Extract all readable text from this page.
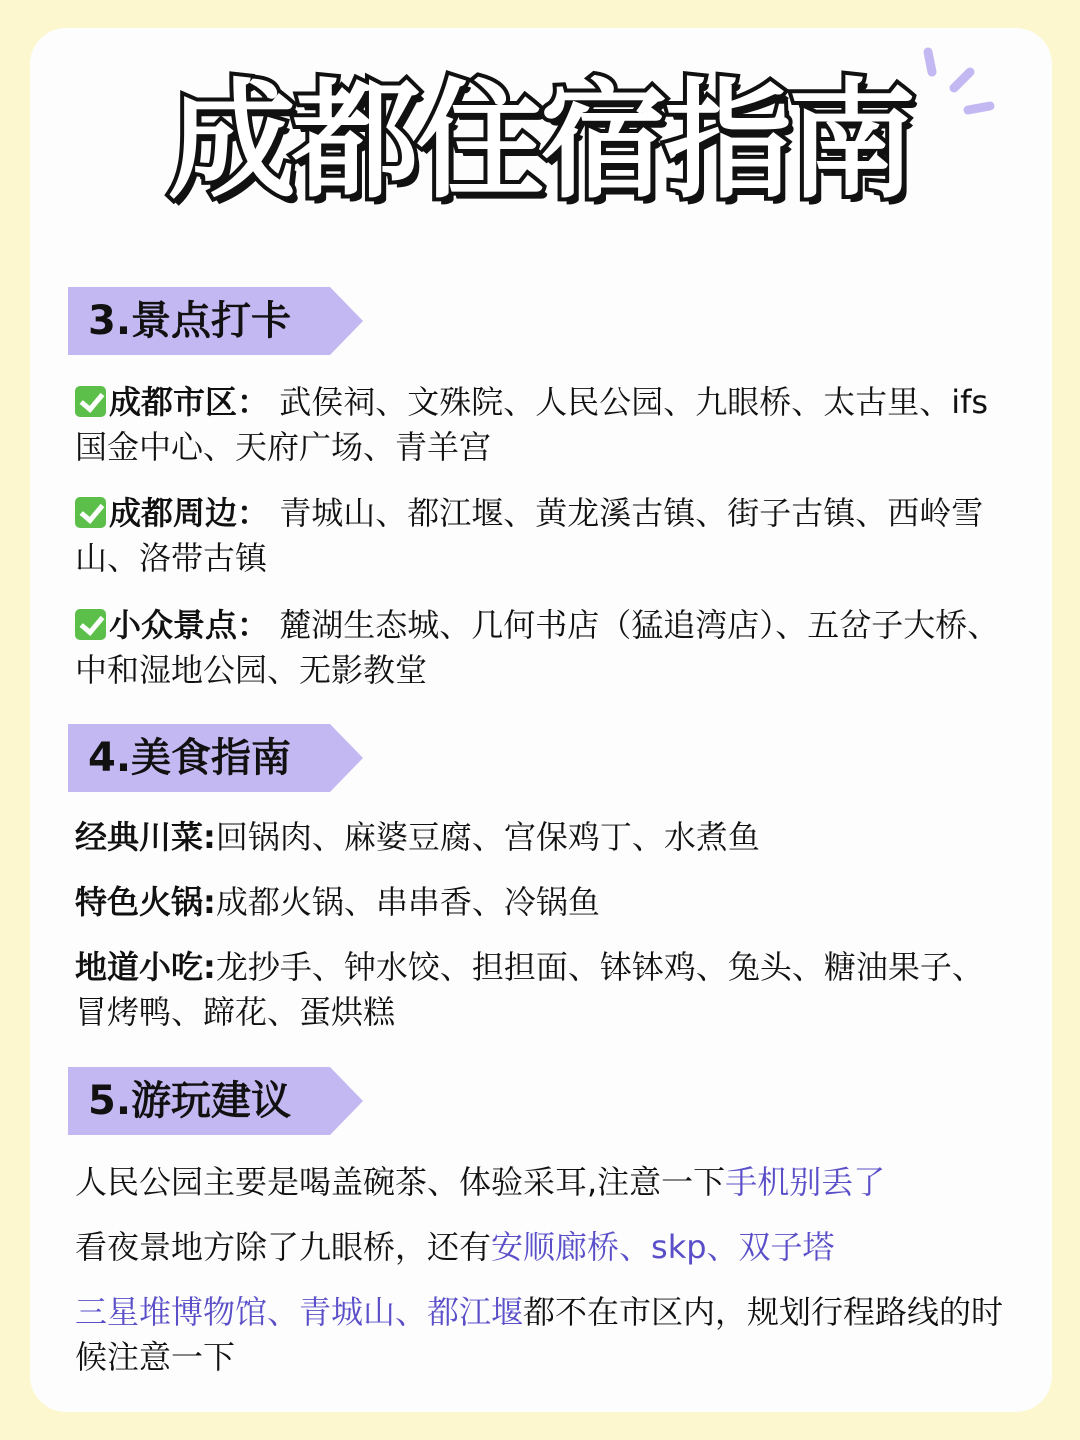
成都住宿指南
3.景点打卡

成都市区： 武侯祠、文殊院、人民公园、九眼桥、太古里、ifs国金中心、天府广场、青羊宫

成都周边： 青城山、都江堰、黄龙溪古镇、街子古镇、西岭雪山、洛带古镇

小众景点： 麓湖生态城、几何书店（猛追湾店）、五岔子大桥、中和湿地公园、无影教堂

4.美食指南

经典川菜:回锅肉、麻婆豆腐、宫保鸡丁、水煮鱼

特色火锅:成都火锅、串串香、冷锅鱼

地道小吃:龙抄手、钟水饺、担担面、钵钵鸡、兔头、糖油果子、冒烤鸭、蹄花、蛋烘糕

5.游玩建议

人民公园主要是喝盖碗茶、体验采耳,注意一下手机别丢了

看夜景地方除了九眼桥，还有安顺廊桥、skp、双子塔

三星堆博物馆、青城山、都江堰都不在市区内，规划行程路线的时候注意一下
